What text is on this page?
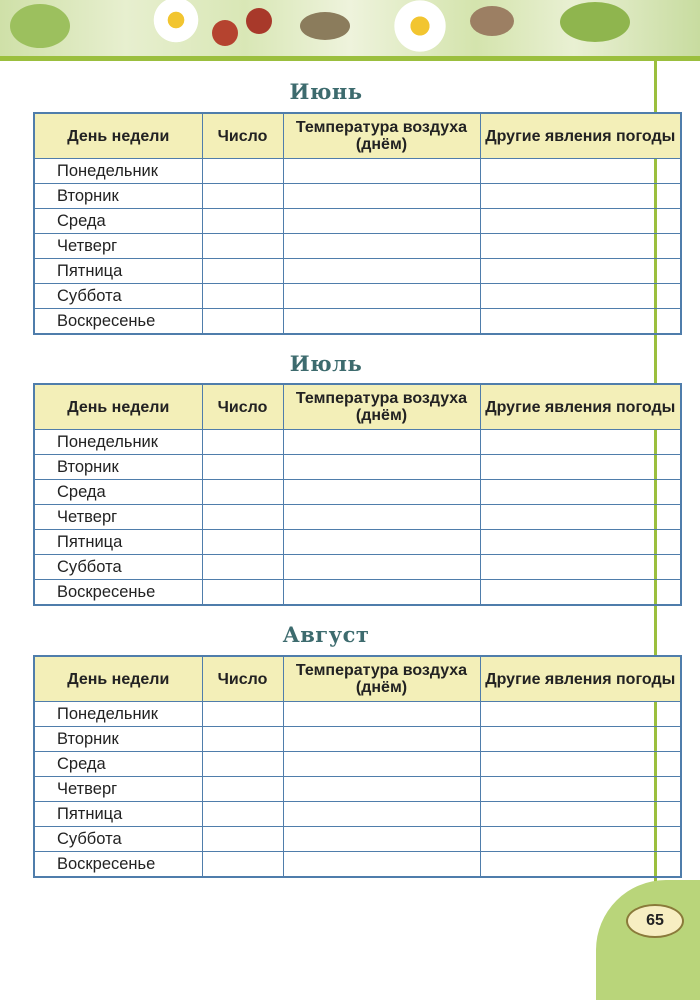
Июнь
День недели	Число	Температура воздуха (днём)	Другие явления погоды
Понедельник			
Вторник			
Среда			
Четверг			
Пятница			
Суббота			
Воскресенье			
Июль
День недели	Число	Температура воздуха (днём)	Другие явления погоды
Понедельник			
Вторник			
Среда			
Четверг			
Пятница			
Суббота			
Воскресенье			
Август
День недели	Число	Температура воздуха (днём)	Другие явления погоды
Понедельник			
Вторник			
Среда			
Четверг			
Пятница			
Суббота			
Воскресенье			
65
